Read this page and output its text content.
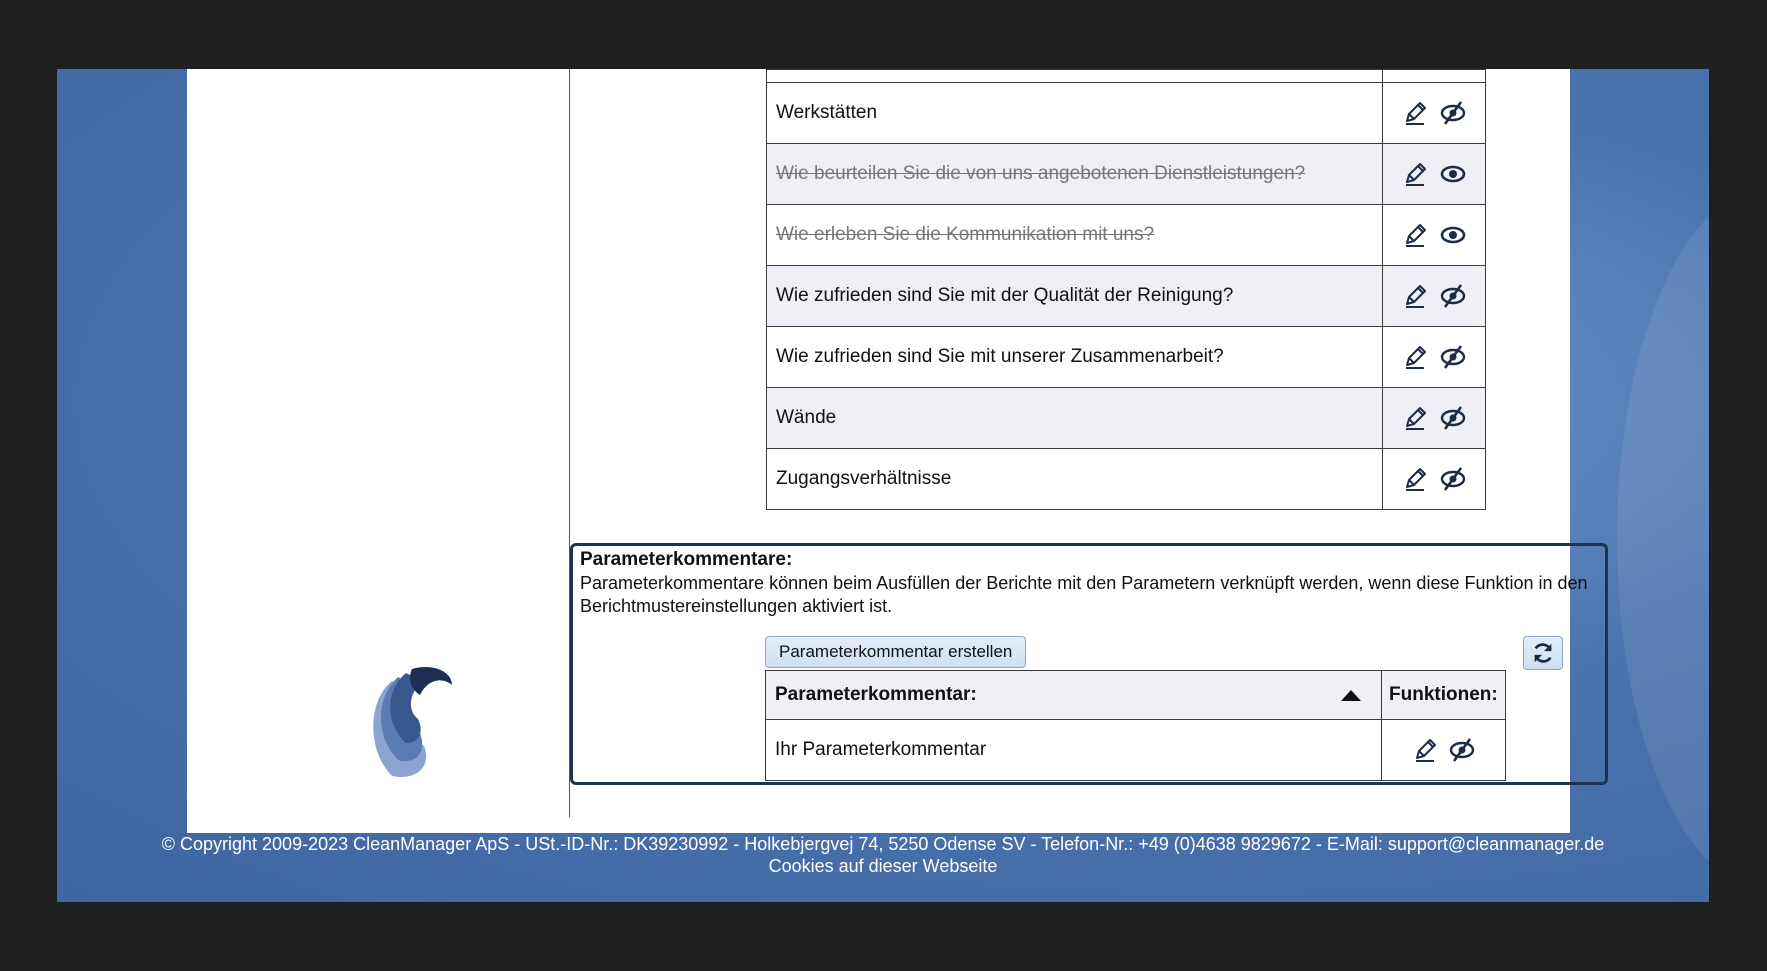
Werkstätten	

Wie beurteilen Sie die von uns angebotenen Dienstleistungen?	

Wie erleben Sie die Kommunikation mit uns?	

Wie zufrieden sind Sie mit der Qualität der Reinigung?	

Wie zufrieden sind Sie mit unserer Zusammenarbeit?	

Wände	

Zugangsverhältnisse	

Parameterkommentare:
Parameterkommentare können beim Ausfüllen der Berichte mit den Parametern verknüpft werden, wenn diese Funktion in den Berichtmustereinstellungen aktiviert ist.
Parameterkommentar erstellen
Parameterkommentar:	Funktionen:
Ihr Parameterkommentar	

© Copyright 2009-2023 CleanManager ApS - USt.-ID-Nr.: DK39230992 - Holkebjergvej 74, 5250 Odense SV - Telefon-Nr.: +49 (0)4638 9829672 - E-Mail: support@cleanmanager.de
Cookies auf dieser Webseite
